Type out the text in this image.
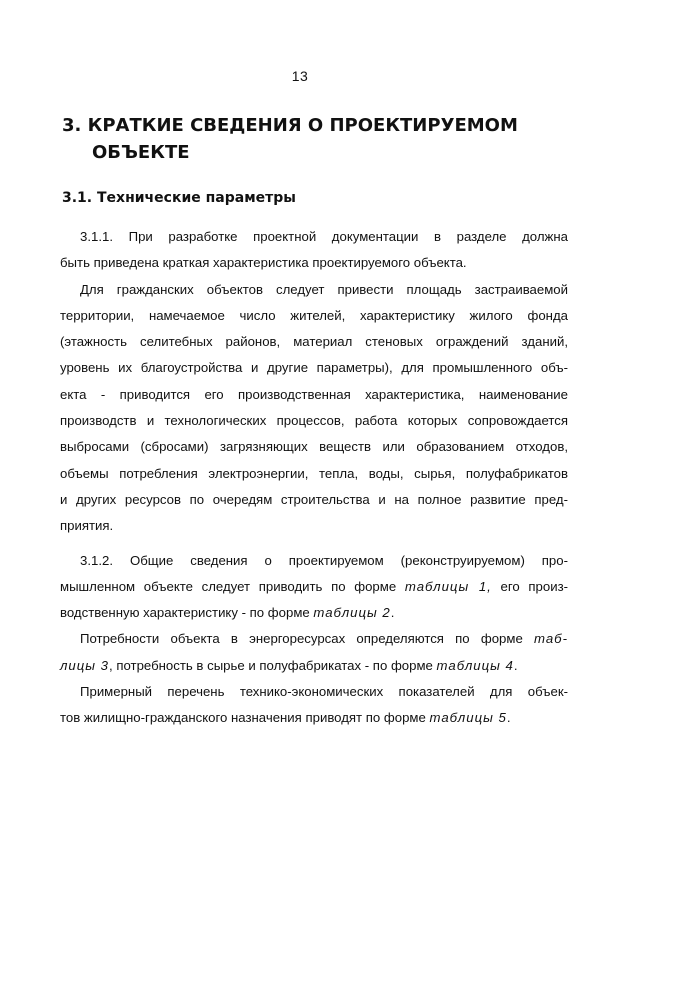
13
3. КРАТКИЕ СВЕДЕНИЯ О ПРОЕКТИРУЕМОМ
ОБЪЕКТЕ
3.1. Технические параметры
3.1.1. При разработке проектной документации в разделе должна
быть приведена краткая характеристика проектируемого объекта.
Для гражданских объектов следует привести площадь застраиваемой
территории, намечаемое число жителей, характеристику жилого фонда
(этажность селитебных районов, материал стеновых ограждений зданий,
уровень их благоустройства и другие параметры), для промышленного объ-
екта - приводится его производственная характеристика, наименование
производств и технологических процессов, работа которых сопровождается
выбросами (сбросами) загрязняющих веществ или образованием отходов,
объемы потребления электроэнергии, тепла, воды, сырья, полуфабрикатов
и других ресурсов по очередям строительства и на полное развитие пред-
приятия.
3.1.2. Общие сведения о проектируемом (реконструируемом) про-
мышленном объекте следует приводить по форме таблицы 1, его произ-
водственную характеристику - по форме таблицы 2.
Потребности объекта в энергоресурсах определяются по форме таб-
лицы 3, потребность в сырье и полуфабрикатах - по форме таблицы 4.
Примерный перечень технико-экономических показателей для объек-
тов жилищно-гражданского назначения приводят по форме таблицы 5.
